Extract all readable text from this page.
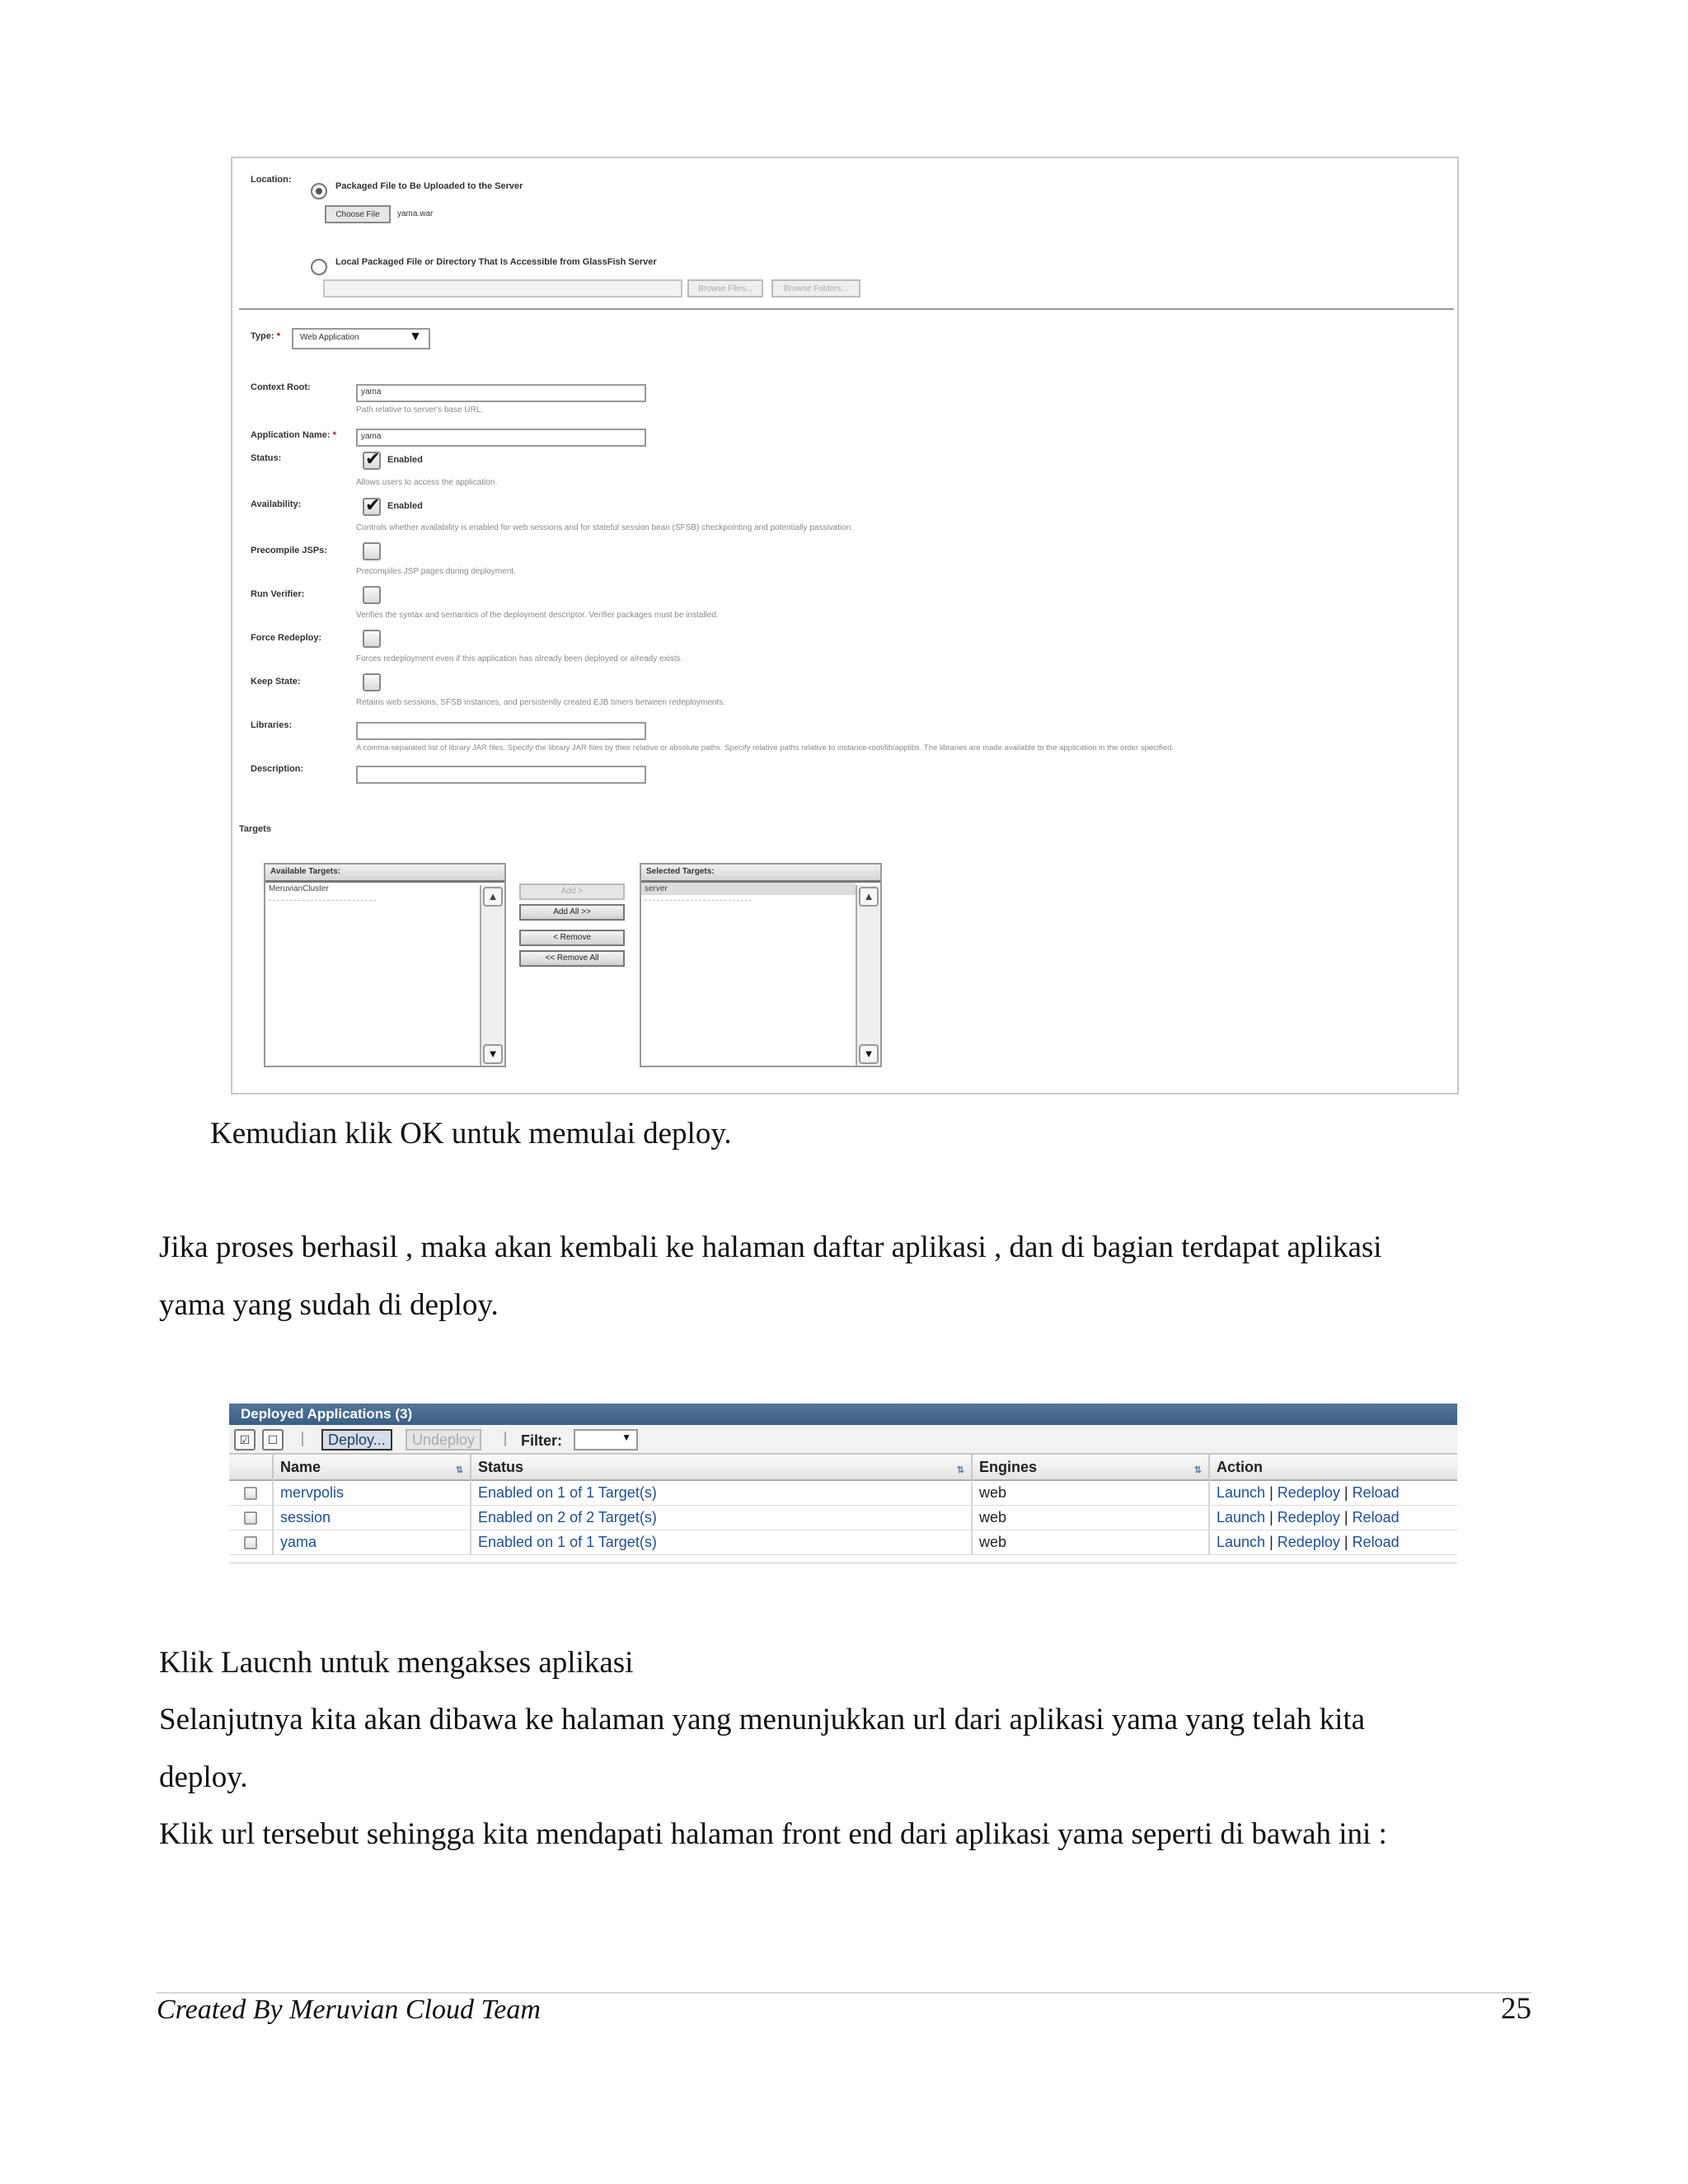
Location:
Packaged File to Be Uploaded to the Server
Choose File	yama.war
Local Packaged File or Directory That Is Accessible from GlassFish Server
Browse Files...	Browse Folders...
Type: *	Web Application	▼
Context Root:	yama
Path relative to server's base URL.
Application Name: *	yama
Status: ✔	Enabled
Allows users to access the application.
Availability: ✔	Enabled
Controls whether availability is enabled for web sessions and for stateful session bean (SFSB) checkpointing and potentially passivation.
Precompile JSPs:
Precompiles JSP pages during deployment.
Run Verifier:
Verifies the syntax and semantics of the deployment descriptor. Verifier packages must be installed.
Force Redeploy:
Forces redeployment even if this application has already been deployed or already exists.
Keep State:
Retains web sessions, SFSB instances, and persistently created EJB timers between redeployments.
Libraries:
A comma-separated list of library JAR files. Specify the library JAR files by their relative or absolute paths. Specify relative paths relative to instance-root/lib/applibs. The libraries are made available to the application in the order specified.
Description:
Targets
Available Targets:
MeruvianCluster
▲
▼
Add >
Add All >>
< Remove
<< Remove All
Selected Targets:
server
▲
▼
Kemudian klik OK untuk memulai deploy.
Jika proses berhasil , maka akan kembali ke halaman daftar aplikasi , dan di bagian terdapat aplikasi
yama yang sudah di deploy.
Deployed Applications (3)
☑	☐	Deploy...	Undeploy	Filter:	▼
Name	⇅	Status	⇅	Engines	⇅	Action
mervpolis	Enabled on 1 of 1 Target(s)	web	Launch | Redeploy | Reload
session	Enabled on 2 of 2 Target(s)	web	Launch | Redeploy | Reload
yama	Enabled on 1 of 1 Target(s)	web	Launch | Redeploy | Reload
Klik Laucnh untuk mengakses aplikasi
Selanjutnya kita akan dibawa ke halaman yang menunjukkan url dari aplikasi yama yang telah kita
deploy.
Klik url tersebut sehingga kita mendapati halaman front end dari aplikasi yama seperti di bawah ini :
Created By Meruvian Cloud Team	25
